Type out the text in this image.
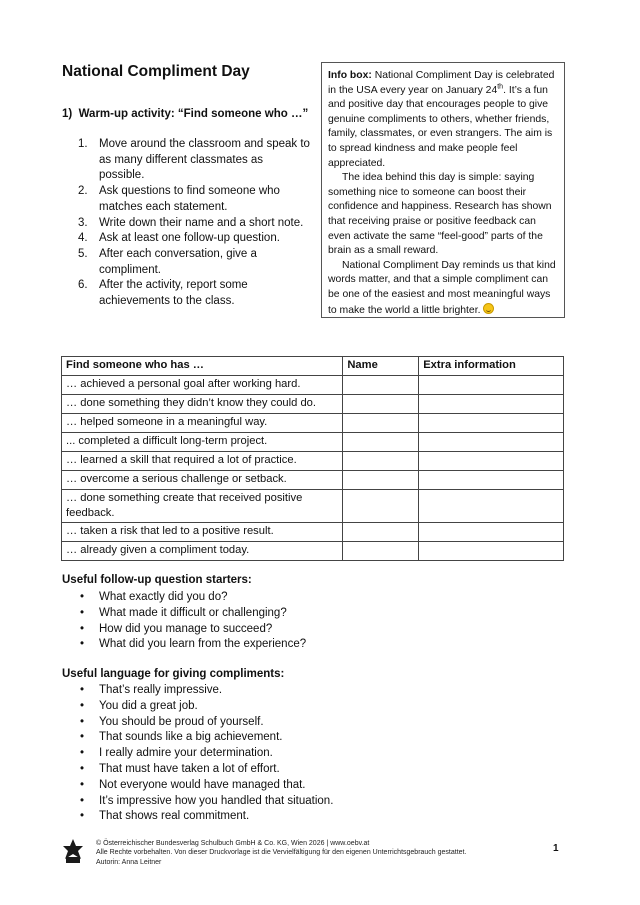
National Compliment Day
1)  Warm-up activity: “Find someone who …”
1. Move around the classroom and speak to as many different classmates as possible.
2. Ask questions to find someone who matches each statement.
3. Write down their name and a short note.
4. Ask at least one follow-up question.
5. After each conversation, give a compliment.
6. After the activity, report some achievements to the class.

Info box: National Compliment Day is celebrated in the USA every year on January 24th. It’s a fun and positive day that encourages people to give genuine compliments to others, whether friends, family, classmates, or even strangers. The aim is to spread kindness and make people feel appreciated.

The idea behind this day is simple: saying something nice to someone can boost their confidence and happiness. Research has shown that receiving praise or positive feedback can even activate the same “feel-good” parts of the brain as a small reward.

National Compliment Day reminds us that kind words matter, and that a simple compliment can be one of the easiest and most meaningful ways to make the world a little brighter.

Find someone who has …	Name	Extra information
… achieved a personal goal after working hard.		
… done something they didn’t know they could do.		
… helped someone in a meaningful way.		
... completed a difficult long-term project.		
… learned a skill that required a lot of practice.		
… overcome a serious challenge or setback.		
… done something create that received positive feedback.		
… taken a risk that led to a positive result.		
… already given a compliment today.		
Useful follow-up question starters:
• What exactly did you do?
• What made it difficult or challenging?
• How did you manage to succeed?
• What did you learn from the experience?
Useful language for giving compliments:
• That’s really impressive.
• You did a great job.
• You should be proud of yourself.
• That sounds like a big achievement.
• I really admire your determination.
• That must have taken a lot of effort.
• Not everyone would have managed that.
• It’s impressive how you handled that situation.
• That shows real commitment.
© Österreichischer Bundesverlag Schulbuch GmbH & Co. KG, Wien 2026 | www.oebv.at
Alle Rechte vorbehalten. Von dieser Druckvorlage ist die Vervielfältigung für den eigenen Unterrichtsgebrauch gestattet.
Autorin: Anna Leitner
1
